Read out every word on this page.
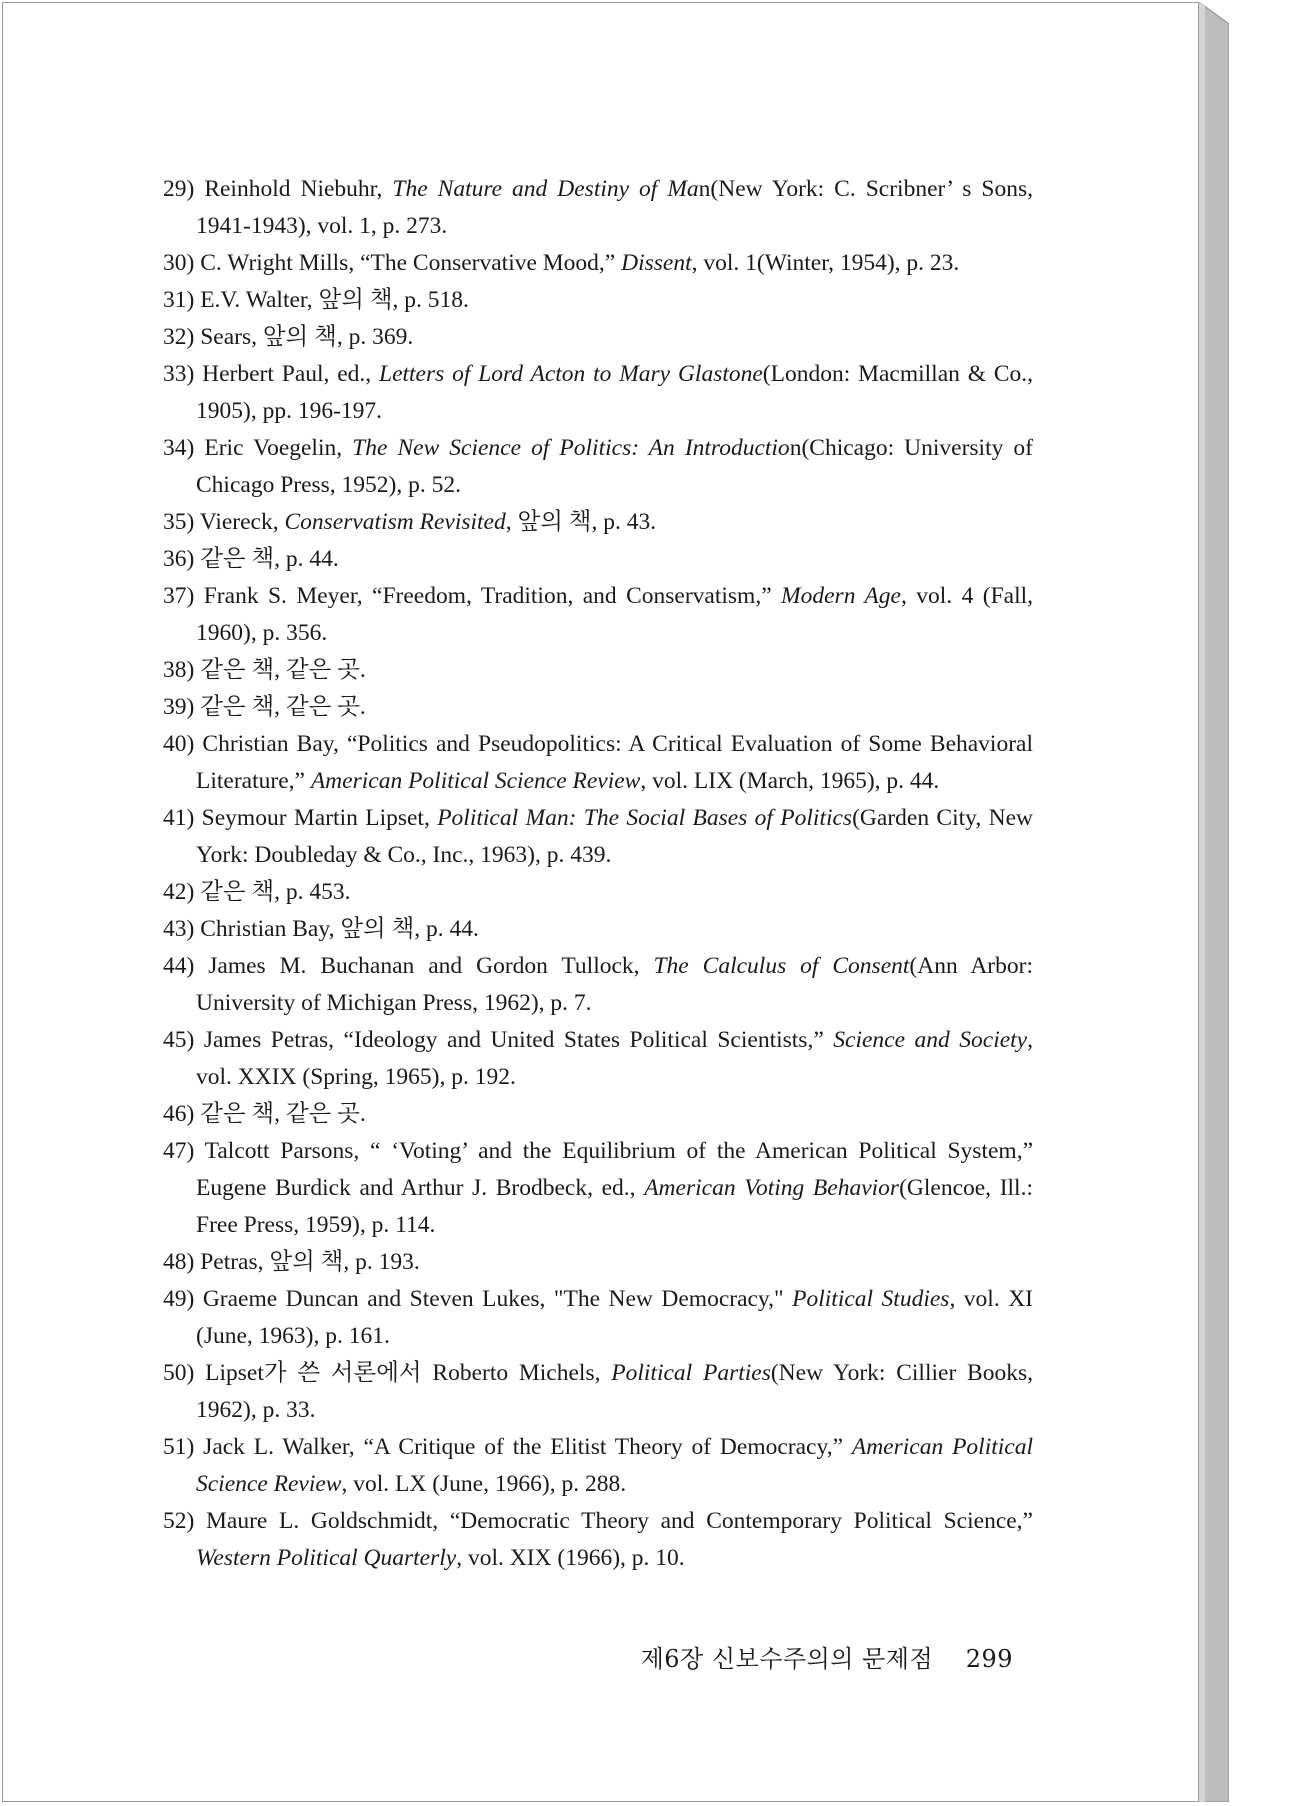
29) Reinhold Niebuhr, The Nature and Destiny of Man(New York: C. Scribner’ s Sons, 1941-1943), vol. 1, p. 273.

30) C. Wright Mills, “The Conservative Mood,” Dissent, vol. 1(Winter, 1954), p. 23.

31) E.V. Walter, 앞의 책, p. 518.

32) Sears, 앞의 책, p. 369.

33) Herbert Paul, ed., Letters of Lord Acton to Mary Glastone(London: Macmillan & Co., 1905), pp. 196-197.

34) Eric Voegelin, The New Science of Politics: An Introduction(Chicago: University of Chicago Press, 1952), p. 52.

35) Viereck, Conservatism Revisited, 앞의 책, p. 43.

36) 같은 책, p. 44.

37) Frank S. Meyer, “Freedom, Tradition, and Conservatism,” Modern Age, vol. 4 (Fall, 1960), p. 356.

38) 같은 책, 같은 곳.

39) 같은 책, 같은 곳.

40) Christian Bay, “Politics and Pseudopolitics: A Critical Evaluation of Some Behavioral Literature,” American Political Science Review, vol. LIX (March, 1965), p. 44.

41) Seymour Martin Lipset, Political Man: The Social Bases of Politics(Garden City, New York: Doubleday & Co., Inc., 1963), p. 439.

42) 같은 책, p. 453.

43) Christian Bay, 앞의 책, p. 44.

44) James M. Buchanan and Gordon Tullock, The Calculus of Consent(Ann Arbor: University of Michigan Press, 1962), p. 7.

45) James Petras, “Ideology and United States Political Scientists,” Science and Society, vol. XXIX (Spring, 1965), p. 192.

46) 같은 책, 같은 곳.

47) Talcott Parsons, “ ‘Voting’ and the Equilibrium of the American Political System,” Eugene Burdick and Arthur J. Brodbeck, ed., American Voting Behavior(Glencoe, Ill.: Free Press, 1959), p. 114.

48) Petras, 앞의 책, p. 193.

49) Graeme Duncan and Steven Lukes, "The New Democracy," Political Studies, vol. XI (June, 1963), p. 161.

50) Lipset가 쓴 서론에서 Roberto Michels, Political Parties(New York: Cillier Books, 1962), p. 33.

51) Jack L. Walker, “A Critique of the Elitist Theory of Democracy,” American Political Science Review, vol. LX (June, 1966), p. 288.

52) Maure L. Goldschmidt, “Democratic Theory and Contemporary Political Science,” Western Political Quarterly, vol. XIX (1966), p. 10.

제6장 신보수주의의 문제점 299
